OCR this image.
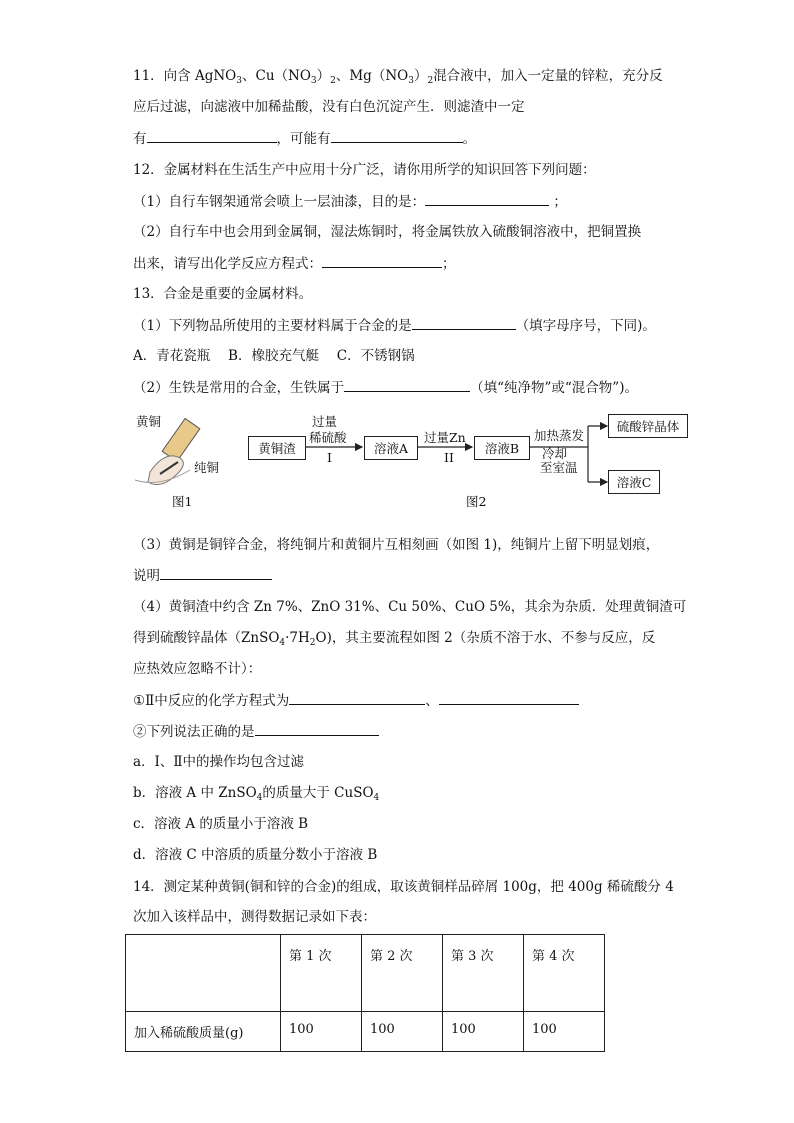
11．向含 AgNO$_3$、$Cu(NO_3)_2$、$Mg(NO_3)_2$混合液中，加入一定量的锌粒，充分反
应后过滤，向滤液中加稀盐酸，没有白色沉淀产生．则滤渣中一定
有	，可能有	。
12．金属材料在生活生产中应用十分广泛，请你用所学的知识回答下列问题：
（1）自行车钢架通常会喷上一层油漆，目的是：	；
（2）自行车中也会用到金属铜，湿法炼铜时，将金属铁放入硫酸铜溶液中，把铜置换
出来，请写出化学反应方程式：	；
13．合金是重要的金属材料。
（1）下列物品所使用的主要材料属于合金的是	（填字母序号，下同)。
A．青花瓷瓶　 B．橡胶充气艇　 C．不锈钢锅
（2）生铁是常用的合金，生铁属于	（填“纯净物”或“混合物”)。
黄铜
纯铜
图1
黄铜渣
过量
稀硫酸
I
溶液A
过量Zn
II
溶液B
加热蒸发
冷却
至室温
硫酸锌晶体
溶液C
图2
（3）黄铜是铜锌合金，将纯铜片和黄铜片互相刻画（如图 1)，纯铜片上留下明显划痕，
说明
（4）黄铜渣中约含 Zn 7%、ZnO 31%、Cu 50%、CuO 5%，其余为杂质．处理黄铜渣可
得到硫酸锌晶体$(ZnSO_4\cdot 7H_2O)$，其主要流程如图 2（杂质不溶于水、不参与反应，反
应热效应忽略不计）：
①Ⅱ中反应的化学方程式为	、
②下列说法正确的是
a．Ⅰ、Ⅱ中的操作均包含过滤
b．溶液 A 中 ZnSO$_4$的质量大于 CuSO$_4$
c．溶液 A 的质量小于溶液 B
d．溶液 C 中溶质的质量分数小于溶液 B
14．测定某种黄铜(铜和锌的合金)的组成，取该黄铜样品碎屑 100g，把 400g 稀硫酸分 4
次加入该样品中，测得数据记录如下表：
	第 1 次	第 2 次	第 3 次	第 4 次
加入稀硫酸质量(g)	100	100	100	100
